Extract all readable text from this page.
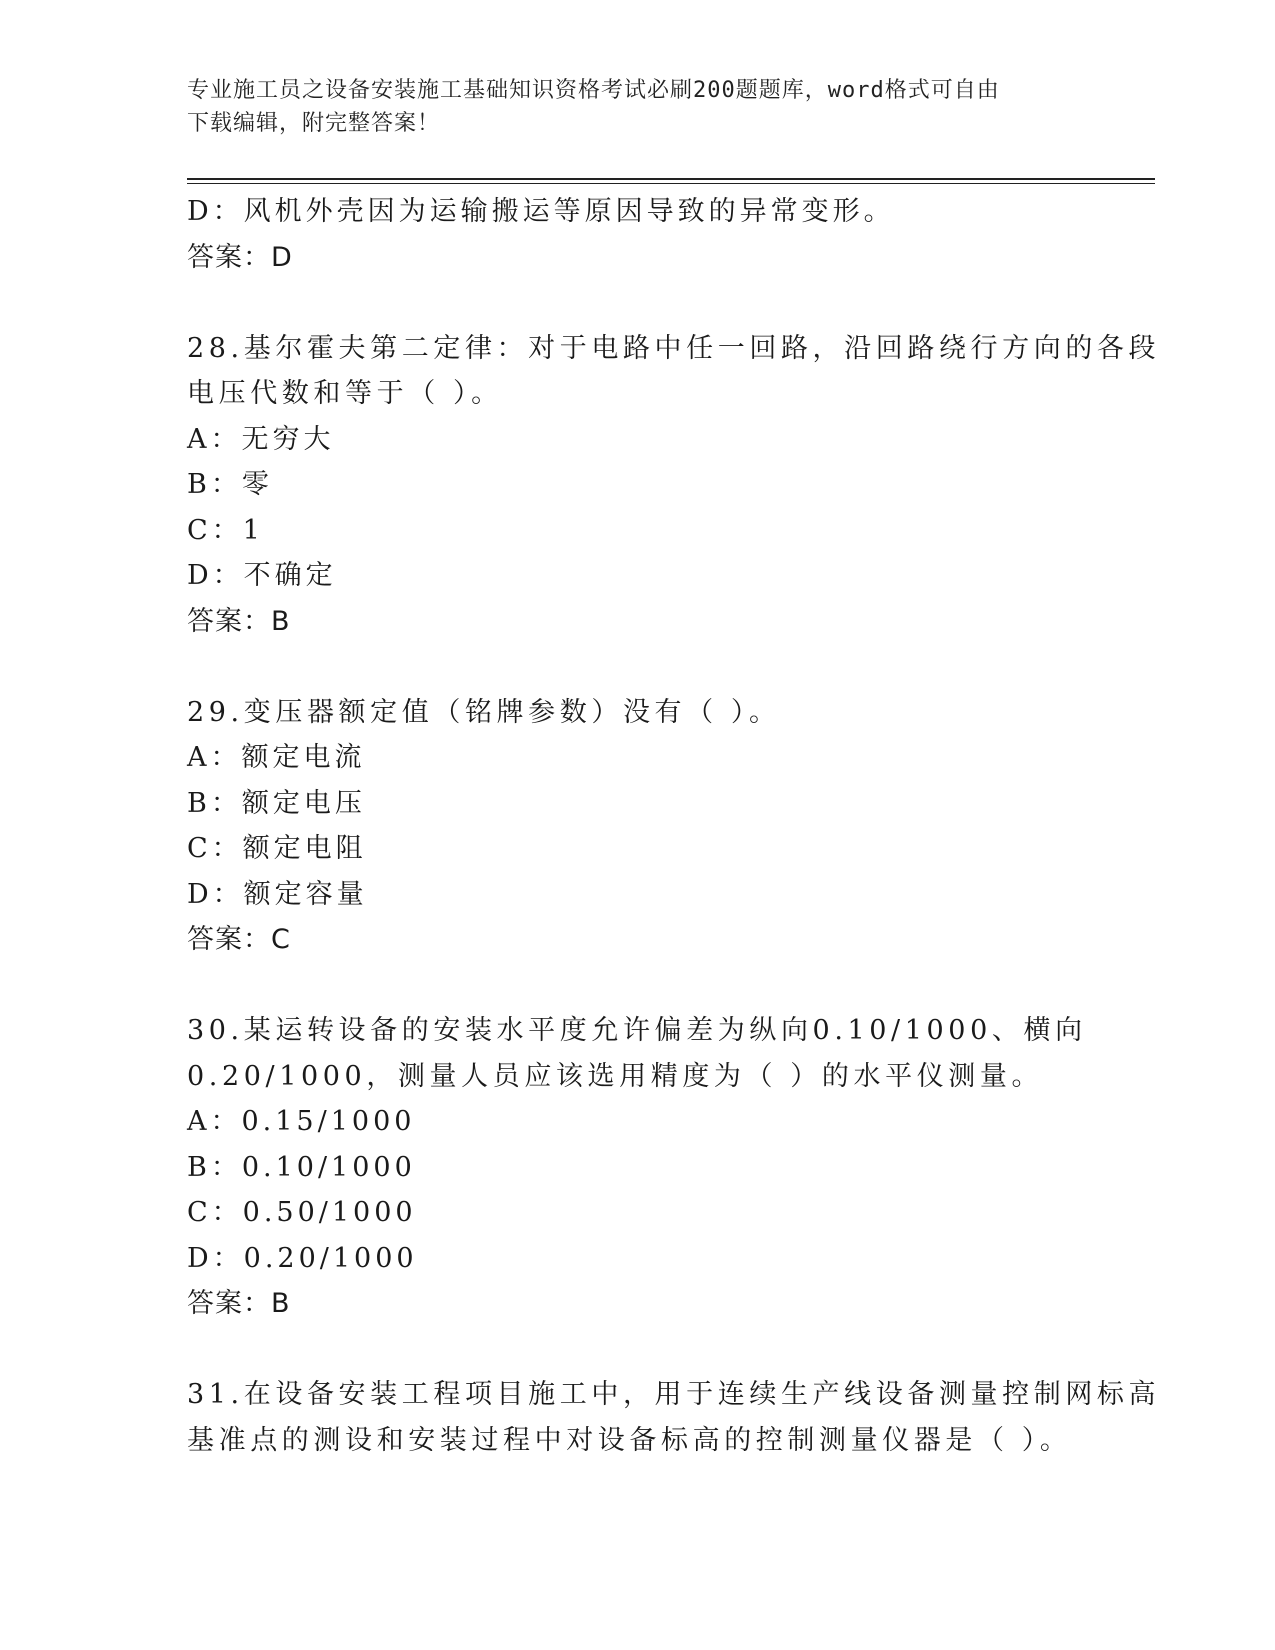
专业施工员之设备安装施工基础知识资格考试必刷200题题库，word格式可自由
下载编辑，附完整答案！
D：风机外壳因为运输搬运等原因导致的异常变形。
答案：D
28.基尔霍夫第二定律：对于电路中任一回路，沿回路绕行方向的各段
电压代数和等于（ ）。
A：无穷大
B：零
C：1
D：不确定
答案：B
29.变压器额定值（铭牌参数）没有（ ）。
A：额定电流
B：额定电压
C：额定电阻
D：额定容量
答案：C
30.某运转设备的安装水平度允许偏差为纵向0.10/1000、横向
0.20/1000，测量人员应该选用精度为（ ）的水平仪测量。
A：0.15/1000
B：0.10/1000
C：0.50/1000
D：0.20/1000
答案：B
31.在设备安装工程项目施工中，用于连续生产线设备测量控制网标高
基准点的测设和安装过程中对设备标高的控制测量仪器是（ ）。
